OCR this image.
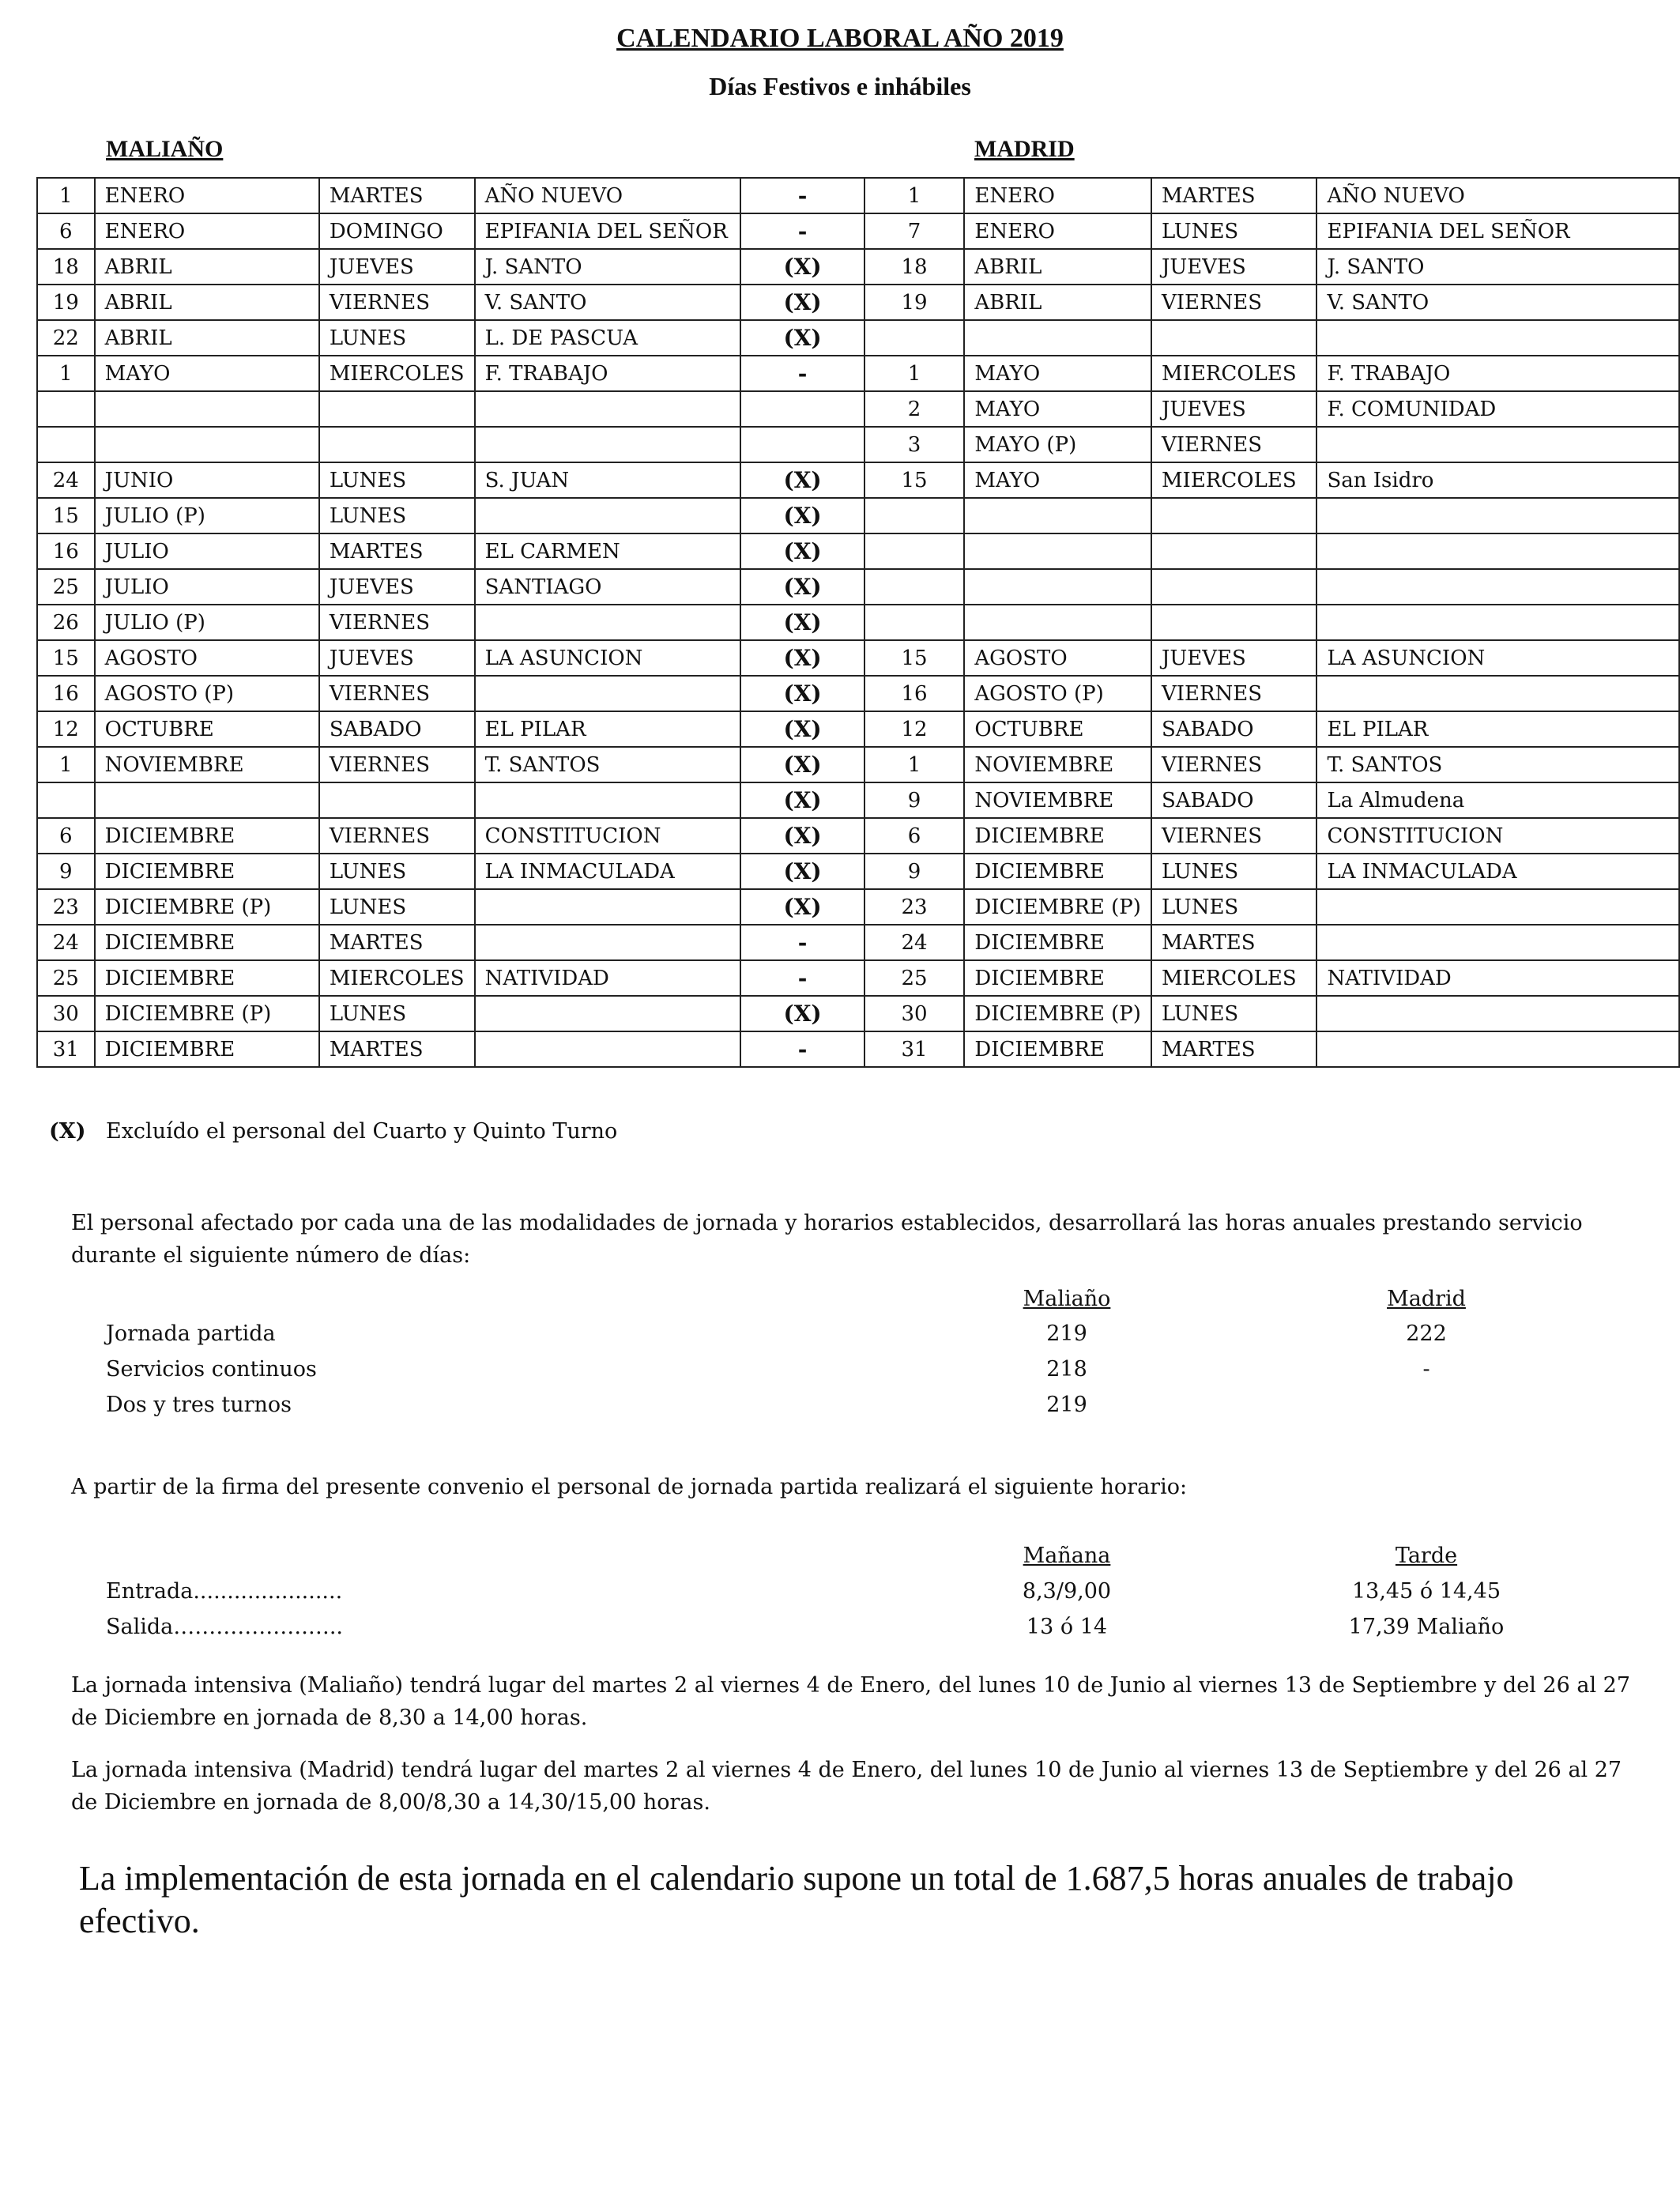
CALENDARIO LABORAL AÑO 2019
Días Festivos e inhábiles
MALIAÑO	MADRID
1	ENERO	MARTES	AÑO NUEVO	-	1	ENERO	MARTES	AÑO NUEVO
6	ENERO	DOMINGO	EPIFANIA DEL SEÑOR	-	7	ENERO	LUNES	EPIFANIA DEL SEÑOR
18	ABRIL	JUEVES	J. SANTO	(X)	18	ABRIL	JUEVES	J. SANTO
19	ABRIL	VIERNES	V. SANTO	(X)	19	ABRIL	VIERNES	V. SANTO
22	ABRIL	LUNES	L. DE PASCUA	(X)				
1	MAYO	MIERCOLES	F. TRABAJO	-	1	MAYO	MIERCOLES	F. TRABAJO
					2	MAYO	JUEVES	F. COMUNIDAD
					3	MAYO (P)	VIERNES	
24	JUNIO	LUNES	S. JUAN	(X)	15	MAYO	MIERCOLES	San Isidro
15	JULIO (P)	LUNES		(X)				
16	JULIO	MARTES	EL CARMEN	(X)				
25	JULIO	JUEVES	SANTIAGO	(X)				
26	JULIO (P)	VIERNES		(X)				
15	AGOSTO	JUEVES	LA ASUNCION	(X)	15	AGOSTO	JUEVES	LA ASUNCION
16	AGOSTO (P)	VIERNES		(X)	16	AGOSTO (P)	VIERNES	
12	OCTUBRE	SABADO	EL PILAR	(X)	12	OCTUBRE	SABADO	EL PILAR
1	NOVIEMBRE	VIERNES	T. SANTOS	(X)	1	NOVIEMBRE	VIERNES	T. SANTOS
				(X)	9	NOVIEMBRE	SABADO	La Almudena
6	DICIEMBRE	VIERNES	CONSTITUCION	(X)	6	DICIEMBRE	VIERNES	CONSTITUCION
9	DICIEMBRE	LUNES	LA INMACULADA	(X)	9	DICIEMBRE	LUNES	LA INMACULADA
23	DICIEMBRE (P)	LUNES		(X)	23	DICIEMBRE (P)	LUNES	
24	DICIEMBRE	MARTES		-	24	DICIEMBRE	MARTES	
25	DICIEMBRE	MIERCOLES	NATIVIDAD	-	25	DICIEMBRE	MIERCOLES	NATIVIDAD
30	DICIEMBRE (P)	LUNES		(X)	30	DICIEMBRE (P)	LUNES	
31	DICIEMBRE	MARTES		-	31	DICIEMBRE	MARTES	
(X) Excluído el personal del Cuarto y Quinto Turno
El personal afectado por cada una de las modalidades de jornada y horarios establecidos, desarrollará las horas anuales prestando servicio durante el siguiente número de días:
Maliaño	Madrid
Jornada partida	219	222
Servicios continuos	218	-
Dos y tres turnos	219
A partir de la firma del presente convenio el personal de jornada partida realizará el siguiente horario:
Mañana	Tarde
Entrada......................	8,3/9,00	13,45 ó 14,45
Salida……………….…..	13 ó 14	17,39 Maliaño
La jornada intensiva (Maliaño) tendrá lugar del martes 2 al viernes 4 de Enero, del lunes 10 de Junio al viernes 13 de Septiembre y del 26 al 27 de Diciembre en jornada de 8,30 a 14,00 horas.
La jornada intensiva (Madrid) tendrá lugar del martes 2 al viernes 4 de Enero, del lunes 10 de Junio al viernes 13 de Septiembre y del 26 al 27 de Diciembre en jornada de 8,00/8,30 a 14,30/15,00 horas.
La implementación de esta jornada en el calendario supone un total de 1.687,5 horas anuales de trabajo efectivo.
